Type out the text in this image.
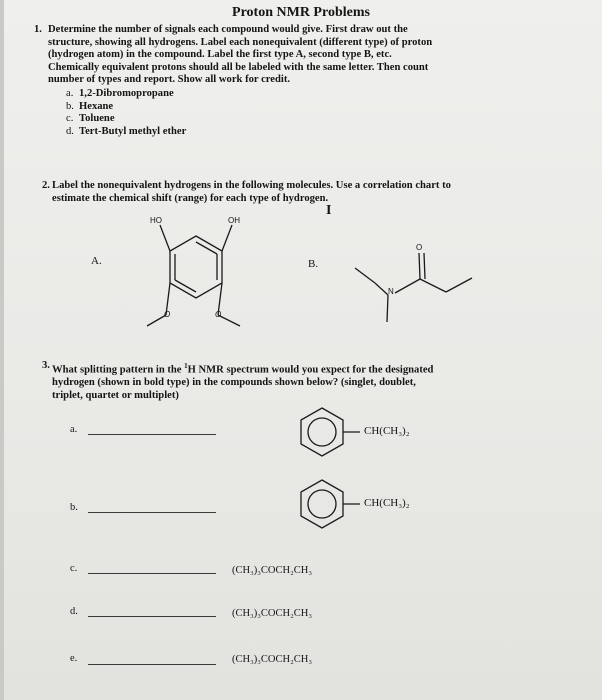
Proton NMR Problems
1. Determine the number of signals each compound would give. First draw out the
structure, showing all hydrogens. Label each nonequivalent (different type) of proton
(hydrogen atom) in the compound. Label the first type A, second type B, etc.
Chemically equivalent protons should all be labeled with the same letter. Then count
number of types and report. Show all work for credit.
a. 1,2-Dibromopropane
b. Hexane
c. Toluene
d. Tert-Butyl methyl ether
2. Label the nonequivalent hydrogens in the following molecules. Use a correlation chart to
estimate the chemical shift (range) for each type of hydrogen.
I
A.
HO	OH
O	O
B.
N
O
3. What splitting pattern in the $^1$H NMR spectrum would you expect for the designated
hydrogen (shown in bold type) in the compounds shown below? (singlet, doublet,
triplet, quartet or multiplet)
a.	CH(CH₃)₂
b.	CH(CH₃)₂
c.	(CH₃)₃COCH₂CH₃
d.	(CH₃)₃COCH₂CH₃
e.	(CH₃)₃COCH₂CH₃
